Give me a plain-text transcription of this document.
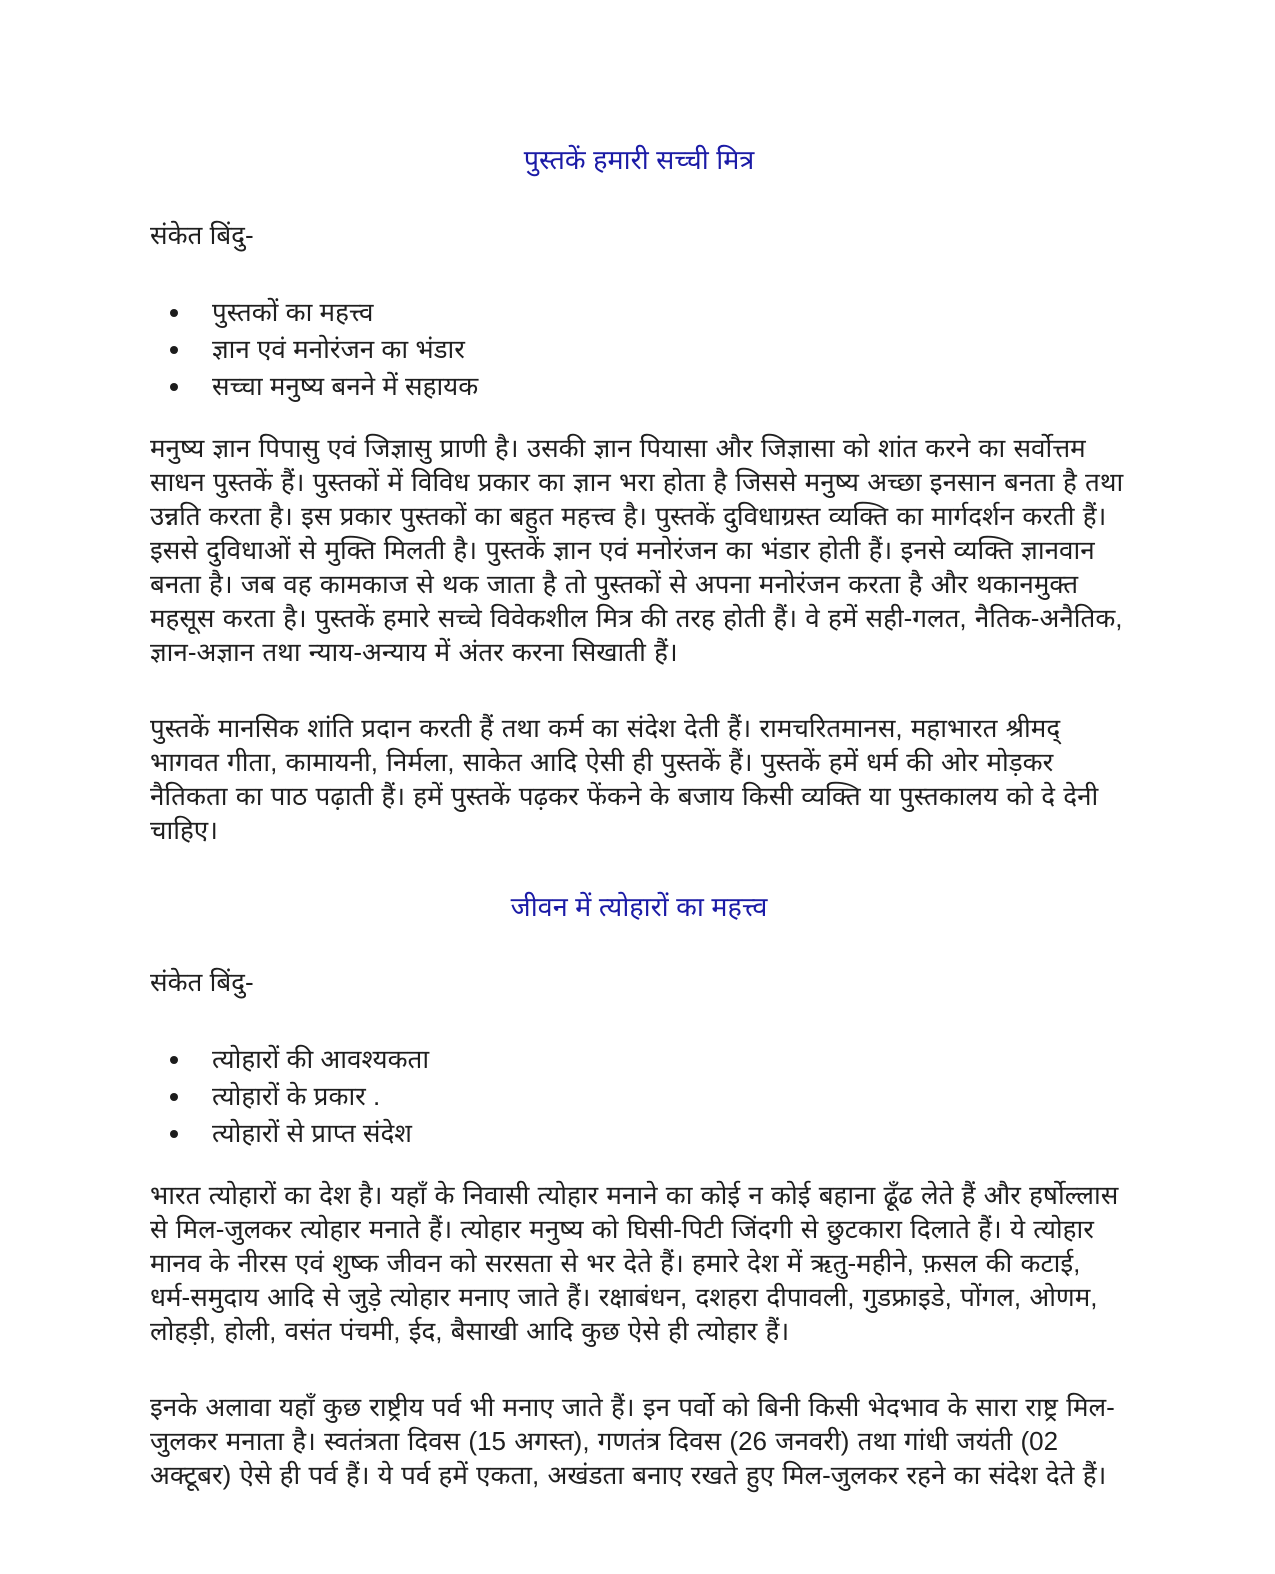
पुस्तकें हमारी सच्ची मित्र

संकेत बिंदु-

पुस्तकों का महत्त्व
ज्ञान एवं मनोरंजन का भंडार
सच्चा मनुष्य बनने में सहायक

मनुष्य ज्ञान पिपासु एवं जिज्ञासु प्राणी है। उसकी ज्ञान पियासा और जिज्ञासा को शांत करने का सर्वोत्तम साधन पुस्तकें हैं। पुस्तकों में विविध प्रकार का ज्ञान भरा होता है जिससे मनुष्य अच्छा इनसान बनता है तथा उन्नति करता है। इस प्रकार पुस्तकों का बहुत महत्त्व है। पुस्तकें दुविधाग्रस्त व्यक्ति का मार्गदर्शन करती हैं। इससे दुविधाओं से मुक्ति मिलती है। पुस्तकें ज्ञान एवं मनोरंजन का भंडार होती हैं। इनसे व्यक्ति ज्ञानवान बनता है। जब वह कामकाज से थक जाता है तो पुस्तकों से अपना मनोरंजन करता है और थकानमुक्त महसूस करता है। पुस्तकें हमारे सच्चे विवेकशील मित्र की तरह होती हैं। वे हमें सही-गलत, नैतिक-अनैतिक, ज्ञान-अज्ञान तथा न्याय-अन्याय में अंतर करना सिखाती हैं।

पुस्तकें मानसिक शांति प्रदान करती हैं तथा कर्म का संदेश देती हैं। रामचरितमानस, महाभारत श्रीमद् भागवत गीता, कामायनी, निर्मला, साकेत आदि ऐसी ही पुस्तकें हैं। पुस्तकें हमें धर्म की ओर मोड़कर नैतिकता का पाठ पढ़ाती हैं। हमें पुस्तकें पढ़कर फेंकने के बजाय किसी व्यक्ति या पुस्तकालय को दे देनी चाहिए।

जीवन में त्योहारों का महत्त्व

संकेत बिंदु-

त्योहारों की आवश्यकता
त्योहारों के प्रकार .
त्योहारों से प्राप्त संदेश

भारत त्योहारों का देश है। यहाँ के निवासी त्योहार मनाने का कोई न कोई बहाना ढूँढ लेते हैं और हर्षोल्लास से मिल-जुलकर त्योहार मनाते हैं। त्योहार मनुष्य को घिसी-पिटी जिंदगी से छुटकारा दिलाते हैं। ये त्योहार मानव के नीरस एवं शुष्क जीवन को सरसता से भर देते हैं। हमारे देश में ऋतु-महीने, फ़सल की कटाई, धर्म-समुदाय आदि से जुड़े त्योहार मनाए जाते हैं। रक्षाबंधन, दशहरा दीपावली, गुडफ्राइडे, पोंगल, ओणम, लोहड़ी, होली, वसंत पंचमी, ईद, बैसाखी आदि कुछ ऐसे ही त्योहार हैं।

इनके अलावा यहाँ कुछ राष्ट्रीय पर्व भी मनाए जाते हैं। इन पर्वो को बिनी किसी भेदभाव के सारा राष्ट्र मिल-जुलकर मनाता है। स्वतंत्रता दिवस (15 अगस्त), गणतंत्र दिवस (26 जनवरी) तथा गांधी जयंती (02 अक्टूबर) ऐसे ही पर्व हैं। ये पर्व हमें एकता, अखंडता बनाए रखते हुए मिल-जुलकर रहने का संदेश देते हैं।
